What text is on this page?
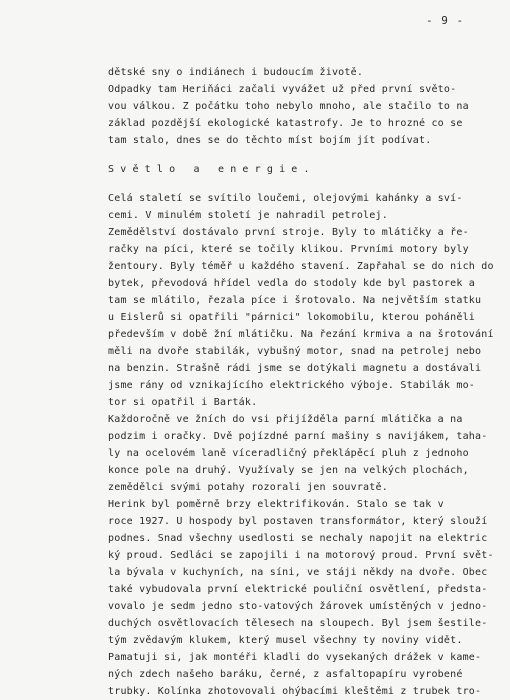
- 9 -
dětské sny o indiánech i budoucím životě.
Odpadky tam Heriňáci začali vyvážet už před první světo-
vou válkou. Z počátku toho nebylo mnoho, ale stačilo to na
základ pozdější ekologické katastrofy. Je to hrozné co se
tam stalo, dnes se do těchto míst bojím jít podívat.
Světlo a energie.
Celá staletí se svítilo loučemi, olejovými kahánky a sví-
cemi. V minulém století je nahradil petrolej.
Zemědělství dostávalo první stroje. Byly to mlátičky a ře-
račky na píci, které se točily klikou. Prvními motory byly
žentoury. Byly téměř u každého stavení. Zapřahal se do nich do
bytek, převodová hřídel vedla do stodoly kde byl pastorek a
tam se mlátilo, řezala píce i šrotovalo. Na největším statku
u Eislerů si opatřili "párnici" lokomobilu, kterou poháněli
především v době žní mlátičku. Na řezání krmiva a na šrotování
měli na dvoře stabilák, vybušný motor, snad na petrolej nebo
na benzin. Strašně rádi jsme se dotýkali magnetu a dostávali
jsme rány od vznikajícího elektrického výboje. Stabilák mo-
tor si opatřil i Barták.
Každoročně ve žních do vsi přijížděla parní mlátička a na
podzim i oračky. Dvě pojízdné parní mašiny s navijákem, taha-
ly na ocelovém laně víceradličný překlápěcí pluh z jednoho
konce pole na druhý. Využívaly se jen na velkých plochách,
zemědělci svými potahy rozorali jen souvratě.
Herink byl poměrně brzy elektrifikován. Stalo se tak v
roce 1927. U hospody byl postaven transformátor, který slouží
podnes. Snad všechny usedlosti se nechaly napojit na elektric
ký proud. Sedláci se zapojili i na motorový proud. První svět-
la bývala v kuchyních, na síni, ve stáji někdy na dvoře. Obec
také vybudovala první elektrické pouliční osvětlení, předsta-
vovalo je sedm jedno sto-vatových žárovek umístěných v jedno-
duchých osvětlovacích tělesech na sloupech. Byl jsem šestile-
tým zvědavým klukem, který musel všechny ty noviny vidět.
Pamatuji si, jak montéři kladli do vysekaných drážek v kame-
ných zdech našeho baráku, černé, z asfaltopapíru vyrobené
trubky. Kolínka zhotovovali ohýbacími kleštěmi z trubek tro-
